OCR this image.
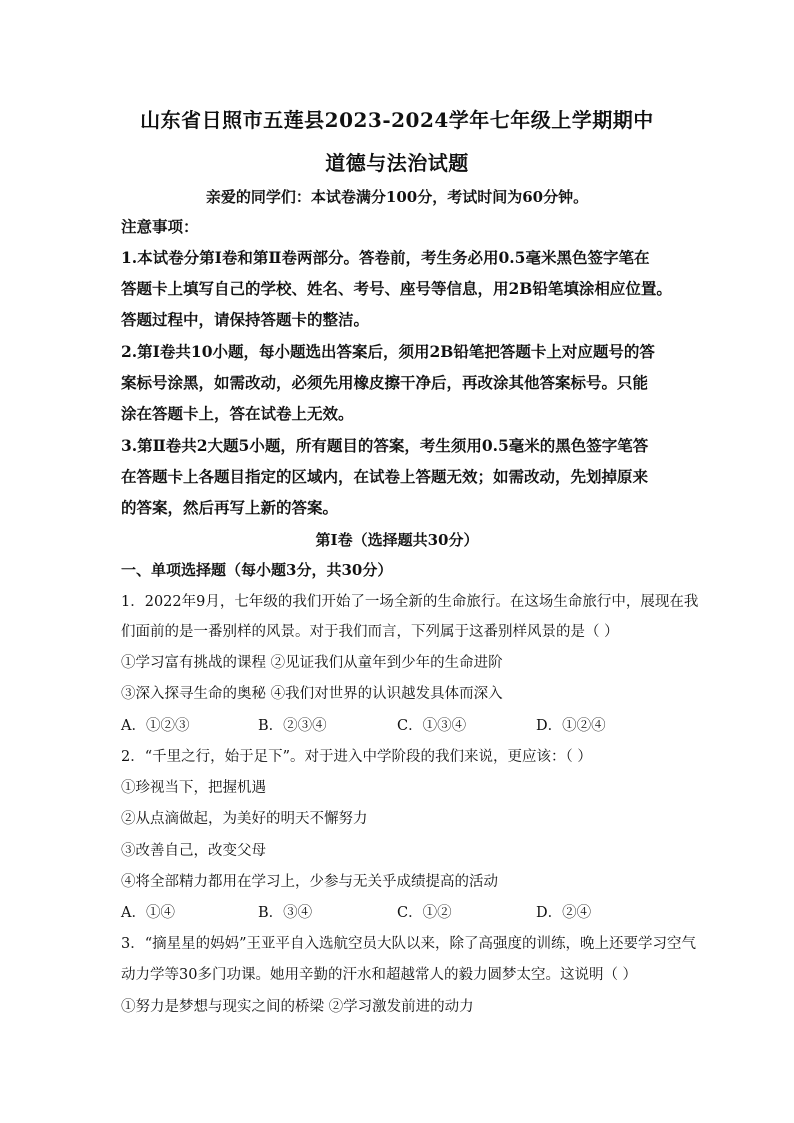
山东省日照市五莲县2023-2024学年七年级上学期期中
道德与法治试题
亲爱的同学们：本试卷满分100分，考试时间为60分钟。
注意事项：
1.本试卷分第Ⅰ卷和第Ⅱ卷两部分。答卷前，考生务必用0.5毫米黑色签字笔在
答题卡上填写自己的学校、姓名、考号、座号等信息，用2B铅笔填涂相应位置。
答题过程中，请保持答题卡的整洁。
2.第Ⅰ卷共10小题，每小题选出答案后，须用2B铅笔把答题卡上对应题号的答
案标号涂黑，如需改动，必须先用橡皮擦干净后，再改涂其他答案标号。只能
涂在答题卡上，答在试卷上无效。
3.第Ⅱ卷共2大题5小题，所有题目的答案，考生须用0.5毫米的黑色签字笔答
在答题卡上各题目指定的区域内，在试卷上答题无效；如需改动，先划掉原来
的答案，然后再写上新的答案。
第Ⅰ卷（选择题共30分）
一、单项选择题（每小题3分，共30分）
1．2022年9月，七年级的我们开始了一场全新的生命旅行。在这场生命旅行中，展现在我
们面前的是一番别样的风景。对于我们而言，下列属于这番别样风景的是（ ）
①学习富有挑战的课程 ②见证我们从童年到少年的生命进阶
③深入探寻生命的奥秘 ④我们对世界的认识越发具体而深入
A．①②③	B．②③④	C．①③④	D．①②④
2．“千里之行，始于足下”。对于进入中学阶段的我们来说，更应该：（ ）
①珍视当下，把握机遇
②从点滴做起，为美好的明天不懈努力
③改善自己，改变父母
④将全部精力都用在学习上，少参与无关乎成绩提高的活动
A．①④	B．③④	C．①②	D．②④
3．“摘星星的妈妈”王亚平自入选航空员大队以来，除了高强度的训练，晚上还要学习空气
动力学等30多门功课。她用辛勤的汗水和超越常人的毅力圆梦太空。这说明（ ）
①努力是梦想与现实之间的桥梁 ②学习激发前进的动力
